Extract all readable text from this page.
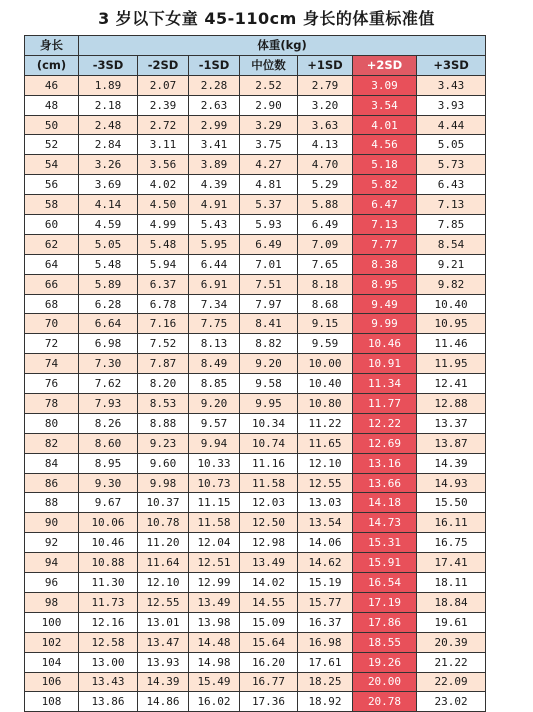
3 岁以下女童 45-110cm 身长的体重标准值
身长	体重(kg)						
(cm)	-3SD	-2SD	-1SD	中位数	+1SD	+2SD	+3SD
46	1.89	2.07	2.28	2.52	2.79	3.09	3.43
48	2.18	2.39	2.63	2.90	3.20	3.54	3.93
50	2.48	2.72	2.99	3.29	3.63	4.01	4.44
52	2.84	3.11	3.41	3.75	4.13	4.56	5.05
54	3.26	3.56	3.89	4.27	4.70	5.18	5.73
56	3.69	4.02	4.39	4.81	5.29	5.82	6.43
58	4.14	4.50	4.91	5.37	5.88	6.47	7.13
60	4.59	4.99	5.43	5.93	6.49	7.13	7.85
62	5.05	5.48	5.95	6.49	7.09	7.77	8.54
64	5.48	5.94	6.44	7.01	7.65	8.38	9.21
66	5.89	6.37	6.91	7.51	8.18	8.95	9.82
68	6.28	6.78	7.34	7.97	8.68	9.49	10.40
70	6.64	7.16	7.75	8.41	9.15	9.99	10.95
72	6.98	7.52	8.13	8.82	9.59	10.46	11.46
74	7.30	7.87	8.49	9.20	10.00	10.91	11.95
76	7.62	8.20	8.85	9.58	10.40	11.34	12.41
78	7.93	8.53	9.20	9.95	10.80	11.77	12.88
80	8.26	8.88	9.57	10.34	11.22	12.22	13.37
82	8.60	9.23	9.94	10.74	11.65	12.69	13.87
84	8.95	9.60	10.33	11.16	12.10	13.16	14.39
86	9.30	9.98	10.73	11.58	12.55	13.66	14.93
88	9.67	10.37	11.15	12.03	13.03	14.18	15.50
90	10.06	10.78	11.58	12.50	13.54	14.73	16.11
92	10.46	11.20	12.04	12.98	14.06	15.31	16.75
94	10.88	11.64	12.51	13.49	14.62	15.91	17.41
96	11.30	12.10	12.99	14.02	15.19	16.54	18.11
98	11.73	12.55	13.49	14.55	15.77	17.19	18.84
100	12.16	13.01	13.98	15.09	16.37	17.86	19.61
102	12.58	13.47	14.48	15.64	16.98	18.55	20.39
104	13.00	13.93	14.98	16.20	17.61	19.26	21.22
106	13.43	14.39	15.49	16.77	18.25	20.00	22.09
108	13.86	14.86	16.02	17.36	18.92	20.78	23.02
